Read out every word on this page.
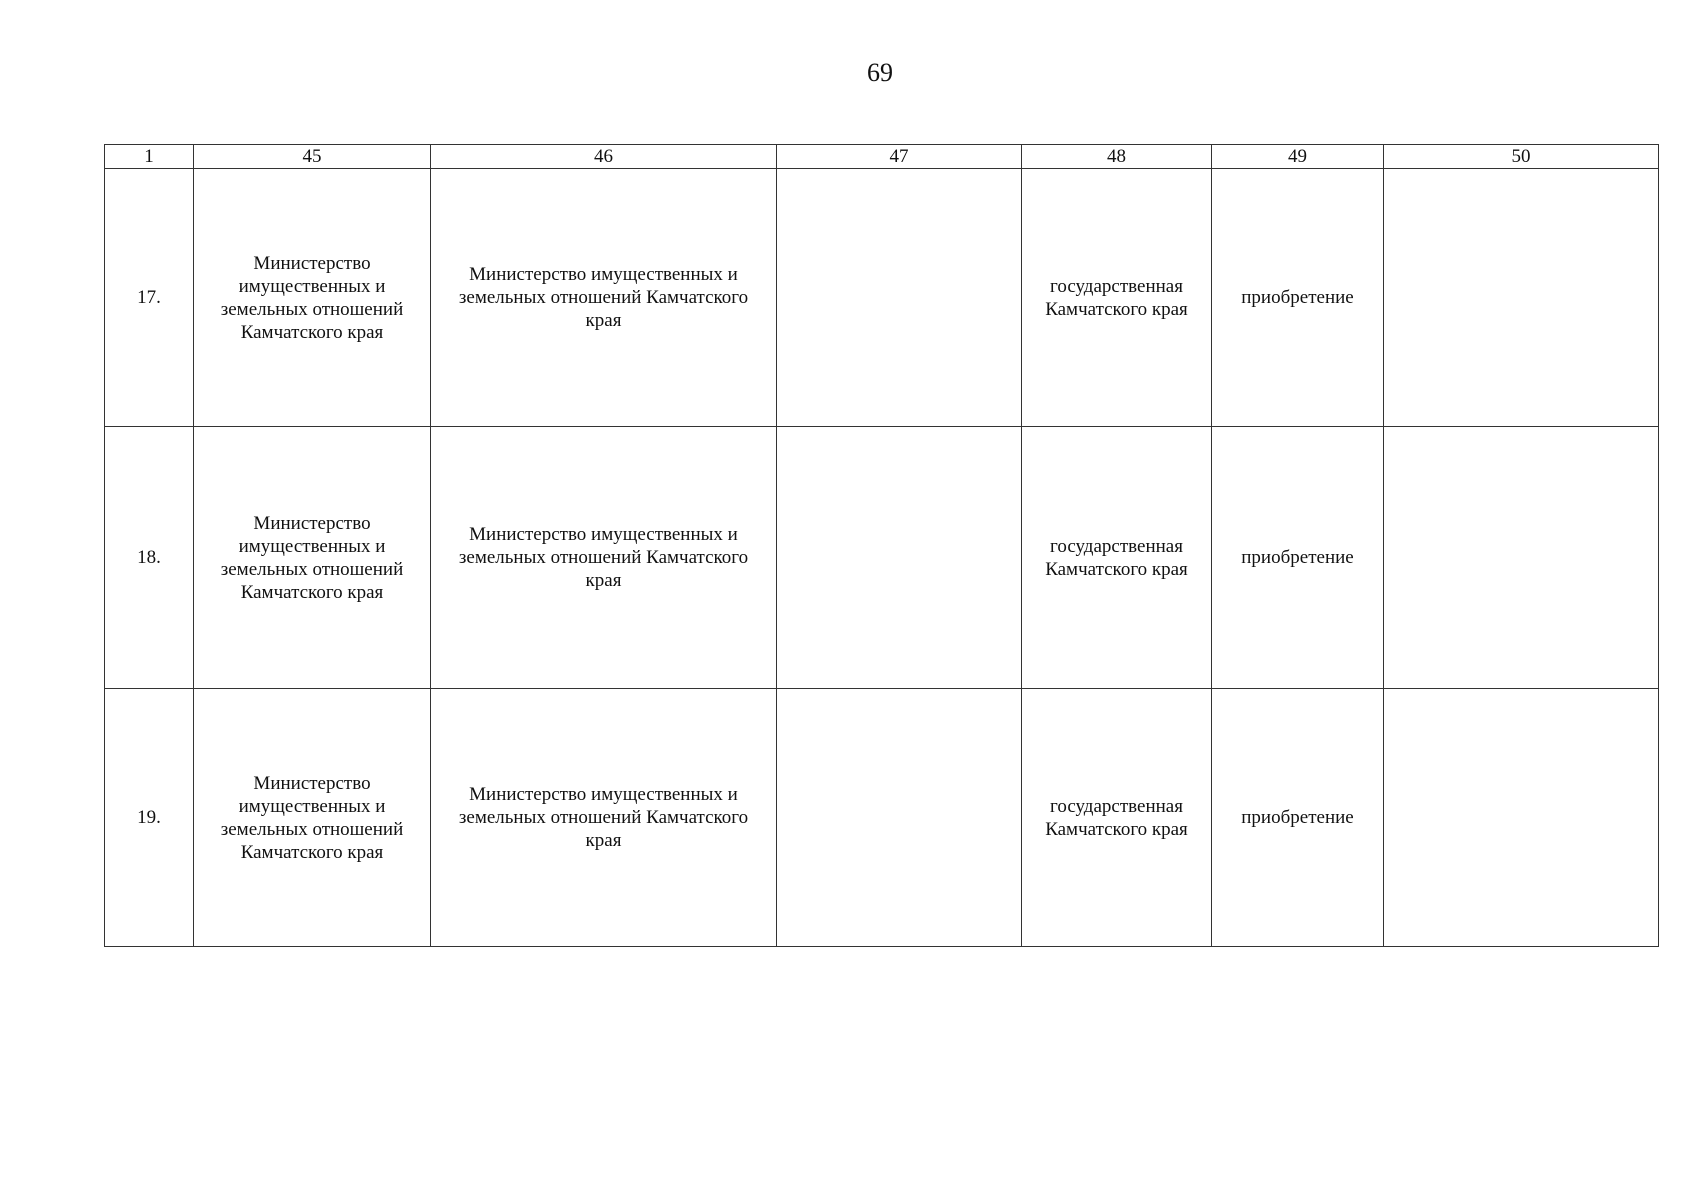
69
1	45	46	47	48	49	50
17.	Министерство имущественных и земельных отношений Камчатского края	Министерство имущественных и земельных отношений Камчатского края		государственная Камчатского края	приобретение	
18.	Министерство имущественных и земельных отношений Камчатского края	Министерство имущественных и земельных отношений Камчатского края		государственная Камчатского края	приобретение	
19.	Министерство имущественных и земельных отношений Камчатского края	Министерство имущественных и земельных отношений Камчатского края		государственная Камчатского края	приобретение	
